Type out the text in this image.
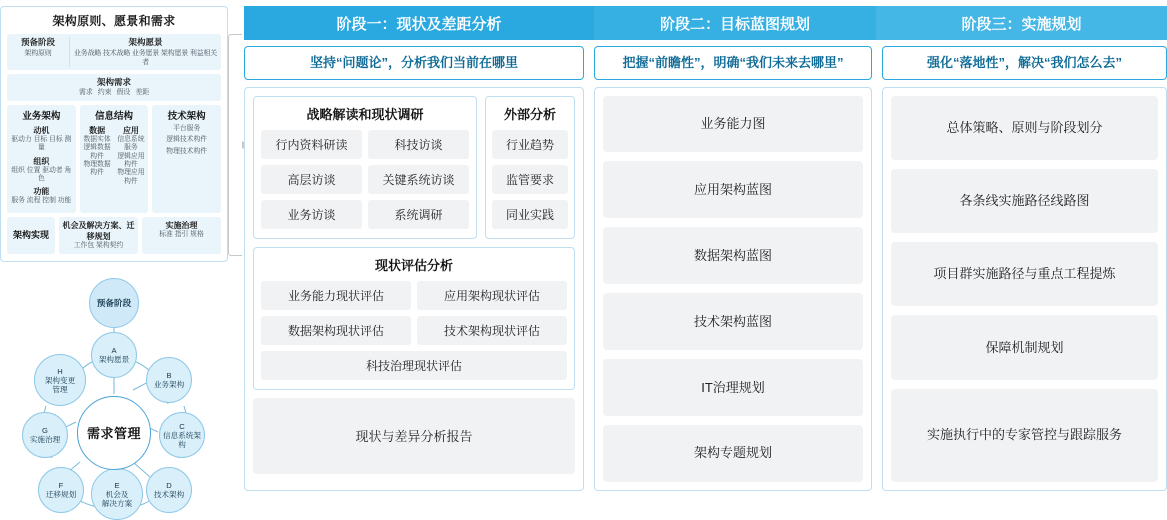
架构原则、愿景和需求
预备阶段
架构原则
架构愿景
业务战略 技术战略 业务愿景 架构愿景 利益相关者
架构需求
需求 约束 假设 差距
业务架构
动机
驱动力 目标 目标 测量
组织
组织 位置 驱动者 角色
功能
服务 流程 控制 功能
信息结构
数据
数据实体
逻辑数据构件
物理数据构件
应用
信息系统服务
逻辑应用构件
物理应用构件
技术架构
平台服务
逻辑技术构件
物理技术构件
架构实现
机会及解决方案、迁移规划
工作包 架构契约
实施治理
标准 指引 规格
预备阶段
A
架构愿景
B
业务架构
C
信息系统架构
D
技术架构
E
机会及
解决方案
F
迁移规划
G
实施治理
H
架构变更
管理
需求管理
阶段一：现状及差距分析	阶段二：目标蓝图规划	阶段三：实施规划
坚持“问题论”，分析我们当前在哪里
战略解读和现状调研
行内资料研读	科技访谈
高层访谈	关键系统访谈
业务访谈	系统调研
外部分析
行业趋势
监管要求
同业实践
现状评估分析
业务能力现状评估	应用架构现状评估
数据架构现状评估	技术架构现状评估
科技治理现状评估
现状与差异分析报告
把握“前瞻性”，明确“我们未来去哪里”
业务能力图
应用架构蓝图
数据架构蓝图
技术架构蓝图
IT治理规划
架构专题规划
强化“落地性”，解决“我们怎么去”
总体策略、原则与阶段划分
各条线实施路径线路图
项目群实施路径与重点工程提炼
保障机制规划
实施执行中的专家管控与跟踪服务
